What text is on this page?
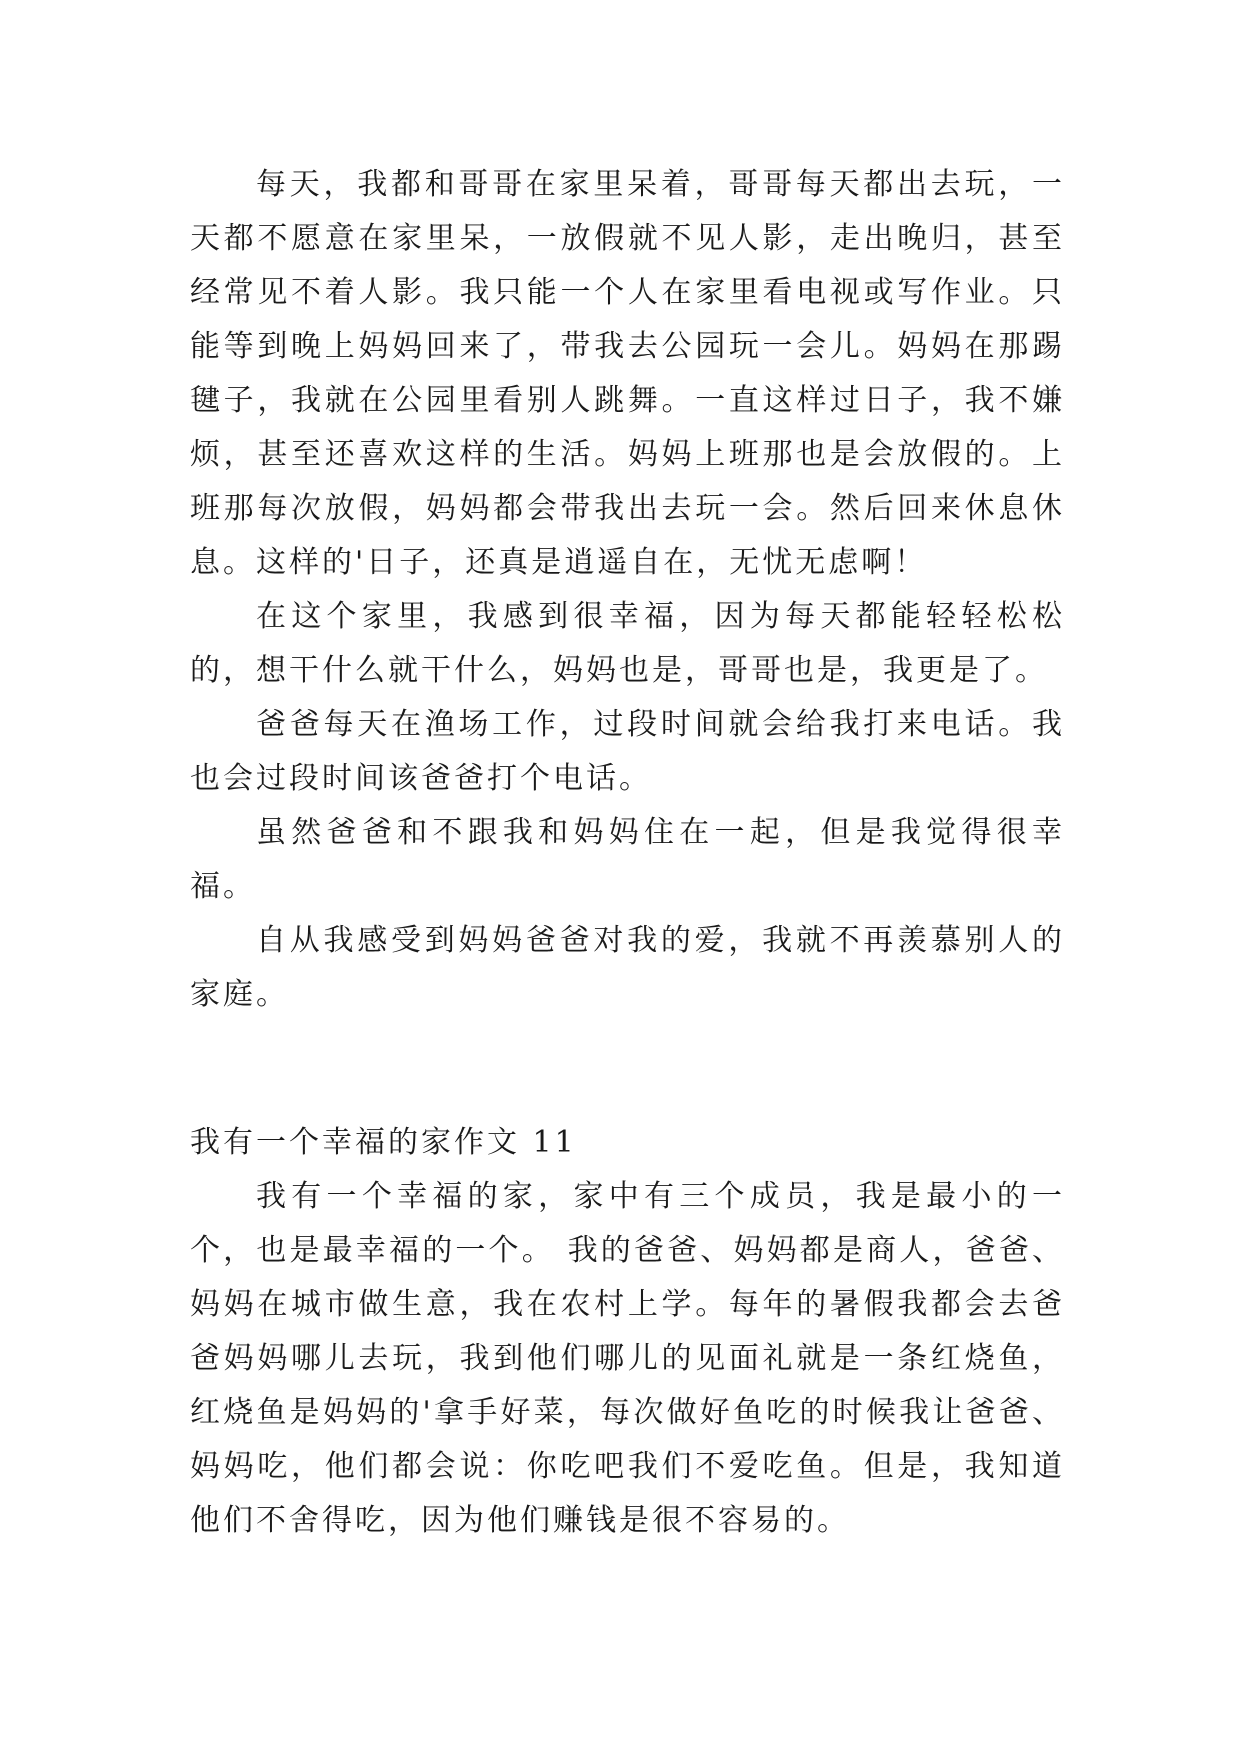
每天，我都和哥哥在家里呆着，哥哥每天都出去玩，一天都不愿意在家里呆，一放假就不见人影，走出晚归，甚至经常见不着人影。我只能一个人在家里看电视或写作业。只能等到晚上妈妈回来了，带我去公园玩一会儿。妈妈在那踢毽子，我就在公园里看别人跳舞。一直这样过日子，我不嫌烦，甚至还喜欢这样的生活。妈妈上班那也是会放假的。上班那每次放假，妈妈都会带我出去玩一会。然后回来休息休息。这样的'日子，还真是逍遥自在，无忧无虑啊！

在这个家里，我感到很幸福，因为每天都能轻轻松松的，想干什么就干什么，妈妈也是，哥哥也是，我更是了。

爸爸每天在渔场工作，过段时间就会给我打来电话。我也会过段时间该爸爸打个电话。

虽然爸爸和不跟我和妈妈住在一起，但是我觉得很幸福。

自从我感受到妈妈爸爸对我的爱，我就不再羡慕别人的家庭。

我有一个幸福的家作文 11

我有一个幸福的家，家中有三个成员，我是最小的一个，也是最幸福的一个。 我的爸爸、妈妈都是商人，爸爸、妈妈在城市做生意，我在农村上学。每年的暑假我都会去爸爸妈妈哪儿去玩，我到他们哪儿的见面礼就是一条红烧鱼，红烧鱼是妈妈的'拿手好菜，每次做好鱼吃的时候我让爸爸、妈妈吃，他们都会说：你吃吧我们不爱吃鱼。但是，我知道他们不舍得吃，因为他们赚钱是很不容易的。
